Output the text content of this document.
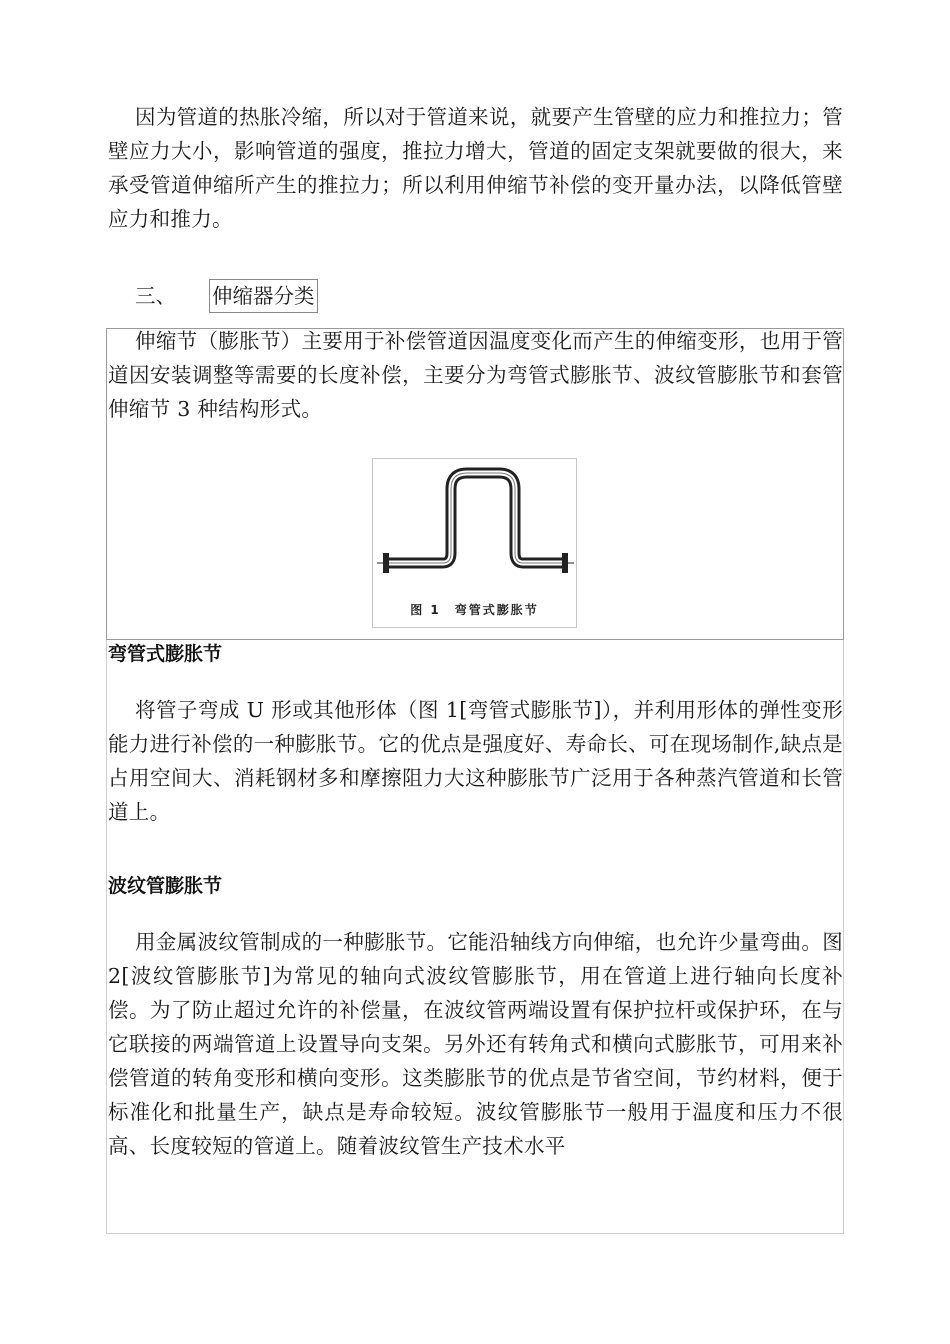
因为管道的热胀冷缩，所以对于管道来说，就要产生管壁的应力和推拉力；管壁应力大小，影响管道的强度，推拉力增大，管道的固定支架就要做的很大，来承受管道伸缩所产生的推拉力；所以利用伸缩节补偿的变开量办法，以降低管壁应力和推力。

三、 伸缩器分类

伸缩节（膨胀节）主要用于补偿管道因温度变化而产生的伸缩变形，也用于管道因安装调整等需要的长度补偿，主要分为弯管式膨胀节、波纹管膨胀节和套管伸缩节 3 种结构形式。

图 1　弯管式膨胀节
弯管式膨胀节

将管子弯成 U 形或其他形体（图 1[弯管式膨胀节]），并利用形体的弹性变形能力进行补偿的一种膨胀节。它的优点是强度好、寿命长、可在现场制作,缺点是占用空间大、消耗钢材多和摩擦阻力大这种膨胀节广泛用于各种蒸汽管道和长管道上。

波纹管膨胀节

用金属波纹管制成的一种膨胀节。它能沿轴线方向伸缩，也允许少量弯曲。图 2[波纹管膨胀节]为常见的轴向式波纹管膨胀节，用在管道上进行轴向长度补偿。为了防止超过允许的补偿量，在波纹管两端设置有保护拉杆或保护环，在与它联接的两端管道上设置导向支架。另外还有转角式和横向式膨胀节，可用来补偿管道的转角变形和横向变形。这类膨胀节的优点是节省空间，节约材料，便于标准化和批量生产，缺点是寿命较短。波纹管膨胀节一般用于温度和压力不很高、长度较短的管道上。随着波纹管生产技术水平
